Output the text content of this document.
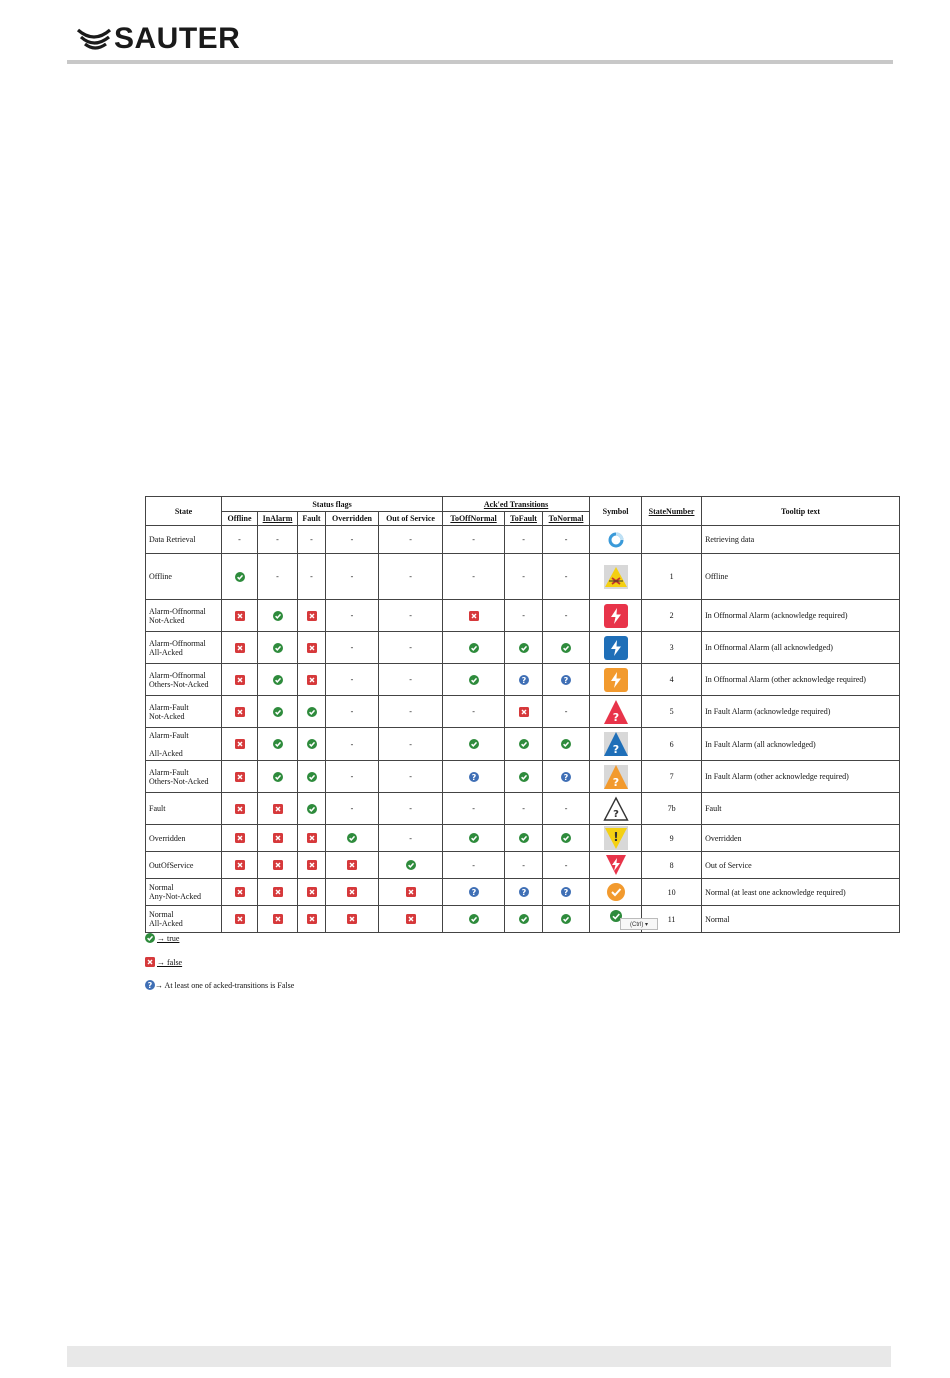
SAUTER
State	Status flags					Ack'ed Transitions			Symbol	StateNumber	Tooltip text
	Offline	InAlarm	Fault	Overridden	Out of Service	ToOffNormal	ToFault	ToNormal			

Data Retrieval	-	-	-	-	-	-	-	-			Retrieving data

Offline		-	-	-	-	-	-	-		1	Offline

Alarm-Offnormal
Not-Acked				-	-		-	-		2	In Offnormal Alarm (acknowledge required)

Alarm-Offnormal
All-Acked				-	-					3	In Offnormal Alarm (all acknowledged)

Alarm-Offnormal
Others-Not-Acked				-	-		?	?		4	In Offnormal Alarm (other acknowledge required)

Alarm-Fault
Not-Acked				-	-	-		-	?	5	In Fault Alarm (acknowledge required)

Alarm-Fault
All-Acked				-	-				?	6	In Fault Alarm (all acknowledged)

Alarm-Fault
Others-Not-Acked				-	-	?		?	?	7	In Fault Alarm (other acknowledge required)

Fault				-	-	-	-	-	?	7b	Fault

Overridden					-				!	9	Overridden

OutOfService						-	-	-		8	Out of Service

Normal
Any-Not-Acked						?	?	?		10	Normal (at least one acknowledge required)

Normal
All-Acked										11	Normal
(Ctrl) ▾
→ true
→ false
? → At least one of acked-transitions is False
